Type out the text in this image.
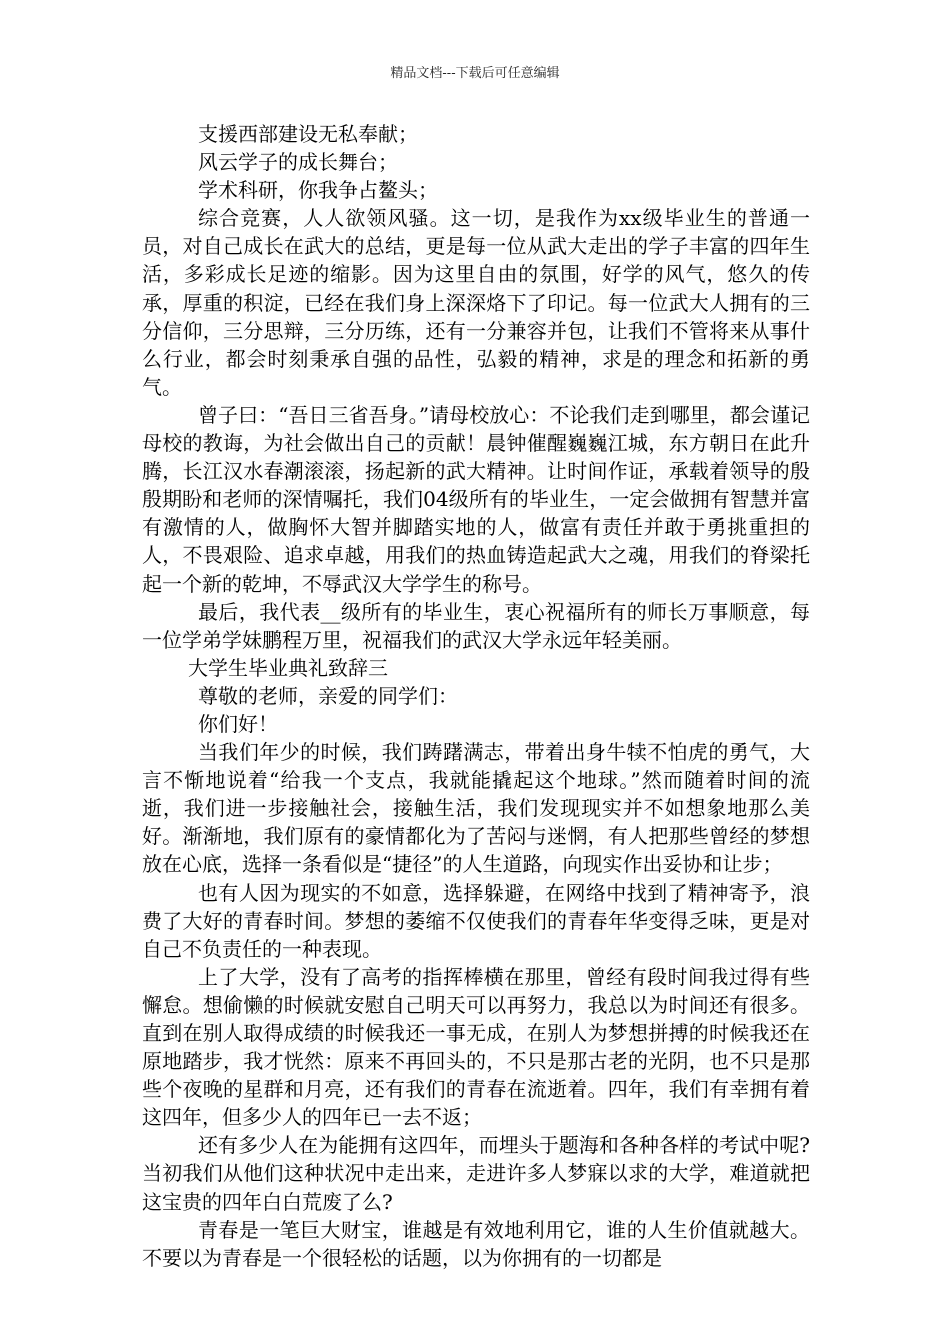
精品文档---下载后可任意编辑

支援西部建设无私奉献；

风云学子的成长舞台；

学术科研，你我争占鳌头；

综合竞赛，人人欲领风骚。这一切，是我作为xx级毕业生的普通一员，对自己成长在武大的总结，更是每一位从武大走出的学子丰富的四年生活，多彩成长足迹的缩影。因为这里自由的氛围，好学的风气，悠久的传承，厚重的积淀，已经在我们身上深深烙下了印记。每一位武大人拥有的三分信仰，三分思辩，三分历练，还有一分兼容并包，让我们不管将来从事什么行业，都会时刻秉承自强的品性，弘毅的精神，求是的理念和拓新的勇气。

曾子曰：“吾日三省吾身。”请母校放心：不论我们走到哪里，都会谨记母校的教诲，为社会做出自己的贡献！晨钟催醒巍巍江城，东方朝日在此升腾，长江汉水春潮滚滚，扬起新的武大精神。让时间作证，承载着领导的殷殷期盼和老师的深情嘱托，我们04级所有的毕业生，一定会做拥有智慧并富有激情的人，做胸怀大智并脚踏实地的人，做富有责任并敢于勇挑重担的人，不畏艰险、追求卓越，用我们的热血铸造起武大之魂，用我们的脊梁托起一个新的乾坤，不辱武汉大学学生的称号。

最后，我代表__级所有的毕业生，衷心祝福所有的师长万事顺意，每一位学弟学妹鹏程万里，祝福我们的武汉大学永远年轻美丽。

大学生毕业典礼致辞三

尊敬的老师，亲爱的同学们：

你们好！

当我们年少的时候，我们踌躇满志，带着出身牛犊不怕虎的勇气，大言不惭地说着“给我一个支点，我就能撬起这个地球。”然而随着时间的流逝，我们进一步接触社会，接触生活，我们发现现实并不如想象地那么美好。渐渐地，我们原有的豪情都化为了苦闷与迷惘，有人把那些曾经的梦想放在心底，选择一条看似是“捷径”的人生道路，向现实作出妥协和让步；

也有人因为现实的不如意，选择躲避，在网络中找到了精神寄予，浪费了大好的青春时间。梦想的萎缩不仅使我们的青春年华变得乏味，更是对自己不负责任的一种表现。

上了大学，没有了高考的指挥棒横在那里，曾经有段时间我过得有些懈怠。想偷懒的时候就安慰自己明天可以再努力，我总以为时间还有很多。直到在别人取得成绩的时候我还一事无成，在别人为梦想拼搏的时候我还在原地踏步，我才恍然：原来不再回头的，不只是那古老的光阴，也不只是那些个夜晚的星群和月亮，还有我们的青春在流逝着。四年，我们有幸拥有着这四年，但多少人的四年已一去不返；

还有多少人在为能拥有这四年，而埋头于题海和各种各样的考试中呢?当初我们从他们这种状况中走出来，走进许多人梦寐以求的大学，难道就把这宝贵的四年白白荒废了么?

青春是一笔巨大财宝，谁越是有效地利用它，谁的人生价值就越大。不要以为青春是一个很轻松的话题，以为你拥有的一切都是
